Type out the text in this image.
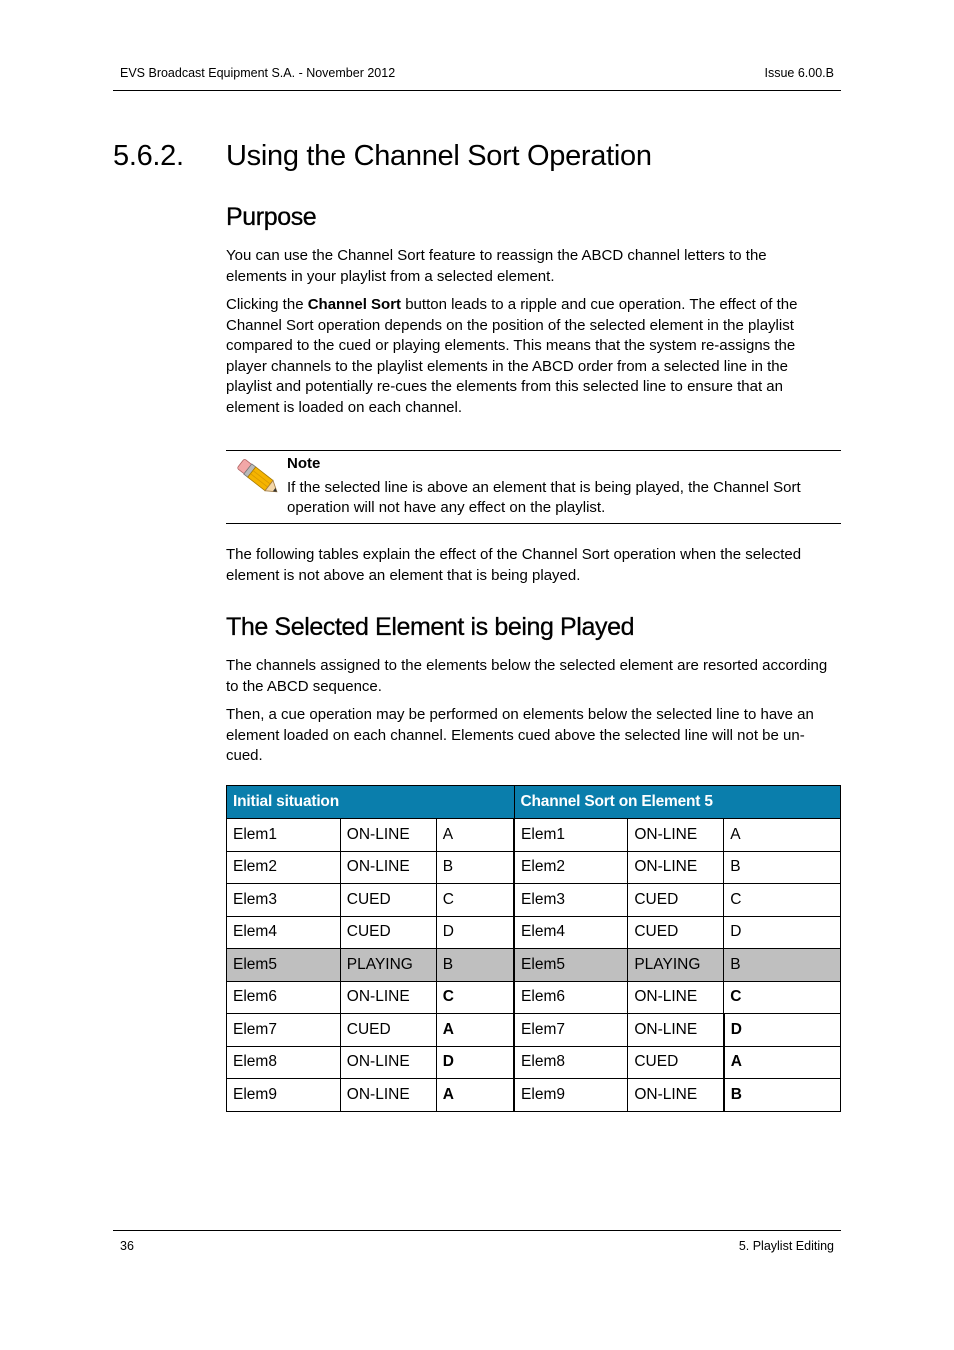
EVS Broadcast Equipment S.A. - November 2012	Issue 6.00.B
5.6.2. Using the Channel Sort Operation
Purpose

You can use the Channel Sort feature to reassign the ABCD channel letters to the elements in your playlist from a selected element.

Clicking the Channel Sort button leads to a ripple and cue operation. The effect of the Channel Sort operation depends on the position of the selected element in the playlist compared to the cued or playing elements. This means that the system re-assigns the player channels to the playlist elements in the ABCD order from a selected line in the playlist and potentially re-cues the elements from this selected line to ensure that an element is loaded on each channel.

Note
If the selected line is above an element that is being played, the Channel Sort operation will not have any effect on the playlist.

The following tables explain the effect of the Channel Sort operation when the selected element is not above an element that is being played.

The Selected Element is being Played

The channels assigned to the elements below the selected element are resorted according to the ABCD sequence.

Then, a cue operation may be performed on elements below the selected line to have an element loaded on each channel. Elements cued above the selected line will not be un-cued.

Initial situation			Channel Sort on Element 5		
Elem1	ON-LINE	A	Elem1	ON-LINE	A
Elem2	ON-LINE	B	Elem2	ON-LINE	B
Elem3	CUED	C	Elem3	CUED	C
Elem4	CUED	D	Elem4	CUED	D
Elem5	PLAYING	B	Elem5	PLAYING	B
Elem6	ON-LINE	C	Elem6	ON-LINE	C
Elem7	CUED	A	Elem7	ON-LINE	D
Elem8	ON-LINE	D	Elem8	CUED	A
Elem9	ON-LINE	A	Elem9	ON-LINE	B
36	5. Playlist Editing
